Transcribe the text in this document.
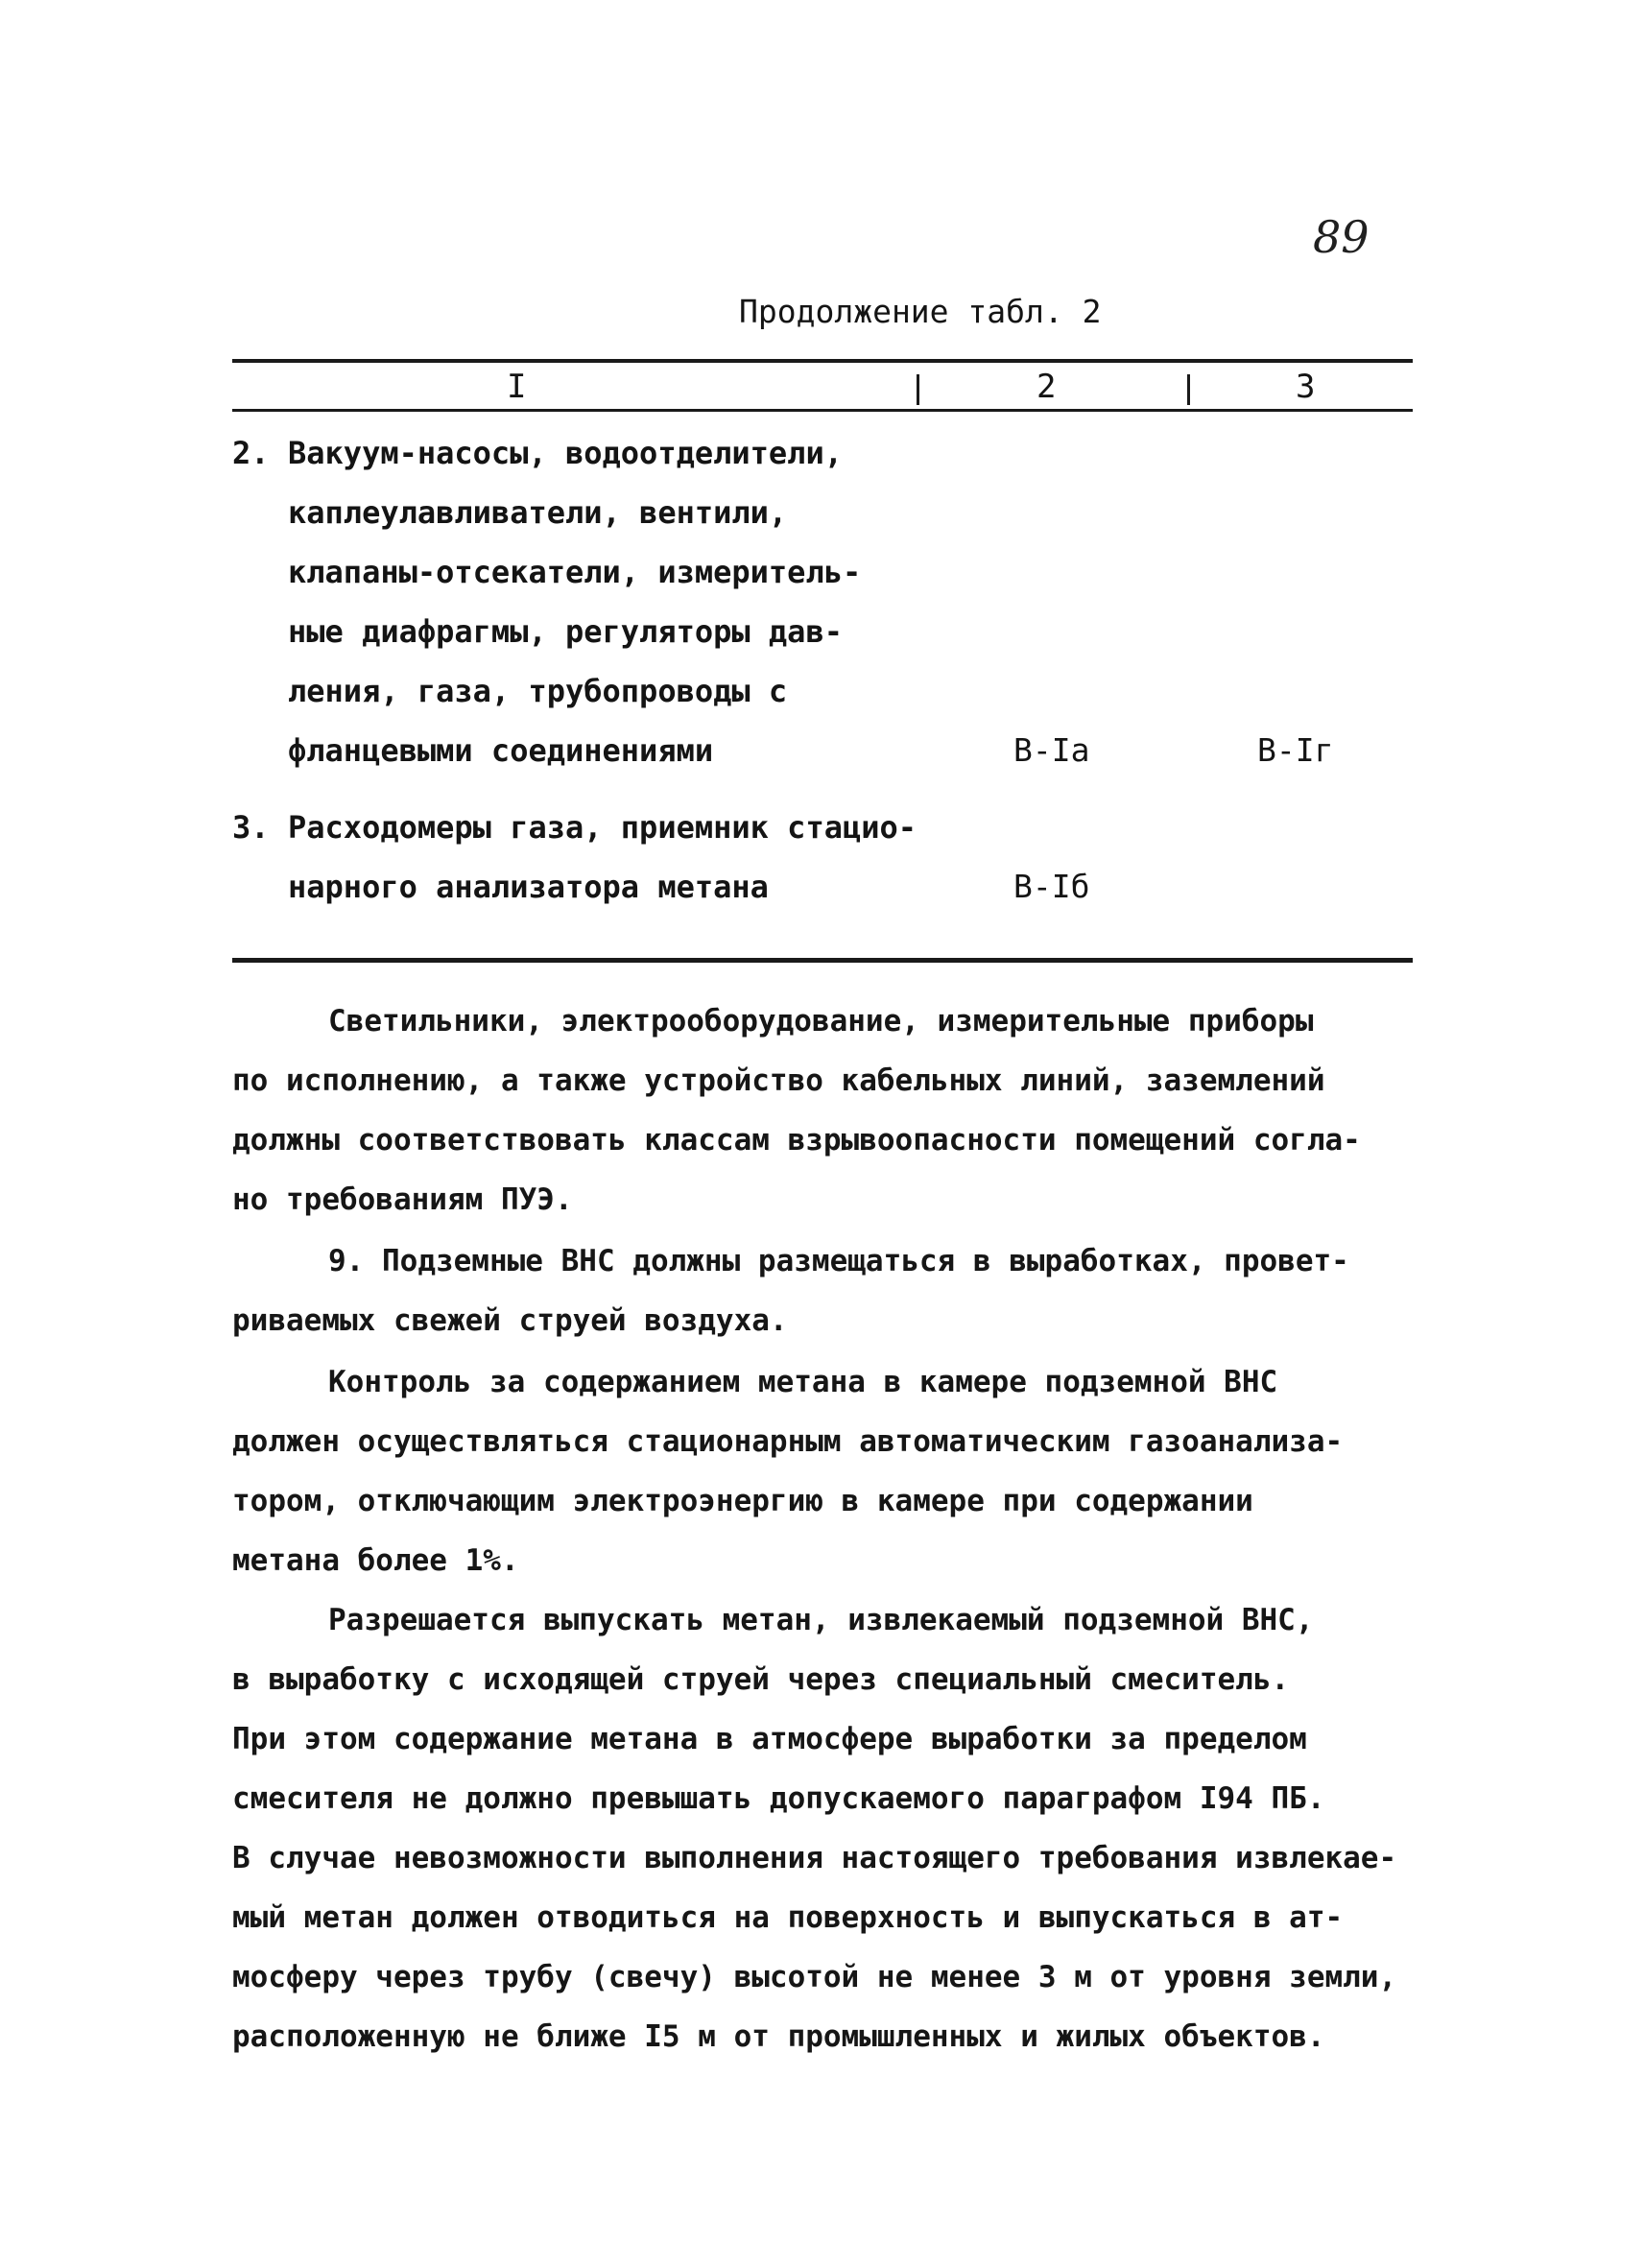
89
Продолжение табл. 2
I	2	3
2. Вакуум-насосы, водоотделители,
каплеулавливатели, вентили,
клапаны-отсекатели, измеритель-
ные диафрагмы, регуляторы дав-
ления, газа, трубопроводы с
фланцевыми соединениями	В-Iа	В-Iг
3. Расходомеры газа, приемник стацио-
нарного анализатора метана	В-Iб
Светильники, электрооборудование, измерительные приборы
по исполнению, а также устройство кабельных линий, заземлений
должны соответствовать классам взрывоопасности помещений согла-
но требованиям ПУЭ.
9. Подземные ВНС должны размещаться в выработках, провет-
риваемых свежей струей воздуха.
Контроль за содержанием метана в камере подземной ВНС
должен осуществляться стационарным автоматическим газоанализа-
тором, отключающим электроэнергию в камере при содержании
метана более 1%.
Разрешается выпускать метан, извлекаемый подземной ВНС,
в выработку с исходящей струей через специальный смеситель.
При этом содержание метана в атмосфере выработки за пределом
смесителя не должно превышать допускаемого параграфом I94 ПБ.
В случае невозможности выполнения настоящего требования извлекае-
мый метан должен отводиться на поверхность и выпускаться в ат-
мосферу через трубу (свечу) высотой не менее 3 м от уровня земли,
расположенную не ближе I5 м от промышленных и жилых объектов.
